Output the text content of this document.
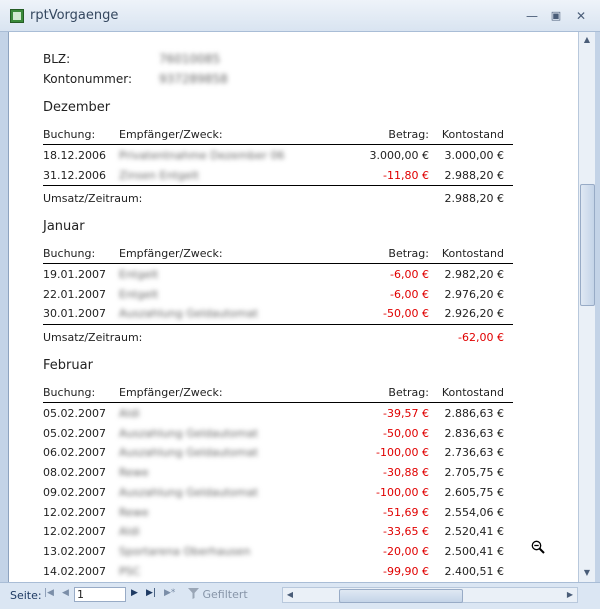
rptVorgaenge	—	▣	✕
BLZ:	76010085
Kontonummer: 937289858
Dezember
Buchung: Empfänger/Zweck:	Betrag: Kontostand
18.12.2006 Privatentnahme Dezember 06	3.000,00 € 3.000,00 €
31.12.2006 Zinsen Entgelt	-11,80 € 2.988,20 €
Umsatz/Zeitraum:	2.988,20 €
Januar
Buchung: Empfänger/Zweck:	Betrag: Kontostand
19.01.2007 Entgelt	-6,00 € 2.982,20 €
22.01.2007 Entgelt	-6,00 € 2.976,20 €
30.01.2007 Auszahlung Geldautomat	-50,00 € 2.926,20 €
Umsatz/Zeitraum:	-62,00 €
Februar
Buchung: Empfänger/Zweck:	Betrag: Kontostand
05.02.2007 Aldi	-39,57 € 2.886,63 €
05.02.2007 Auszahlung Geldautomat	-50,00 € 2.836,63 €
06.02.2007 Auszahlung Geldautomat	-100,00 € 2.736,63 €
08.02.2007 Rewe	-30,88 € 2.705,75 €
09.02.2007 Auszahlung Geldautomat	-100,00 € 2.605,75 €
12.02.2007 Rewe	-51,69 € 2.554,06 €
12.02.2007 Aldi	-33,65 € 2.520,41 €
13.02.2007 Sportarena Oberhausen	-20,00 € 2.500,41 €
14.02.2007 PSC	-99,90 € 2.400,51 €
▲
▼
Seite: |◀ ◀ 1	▶ ▶| ▶*	Gefiltert	◀	▶
